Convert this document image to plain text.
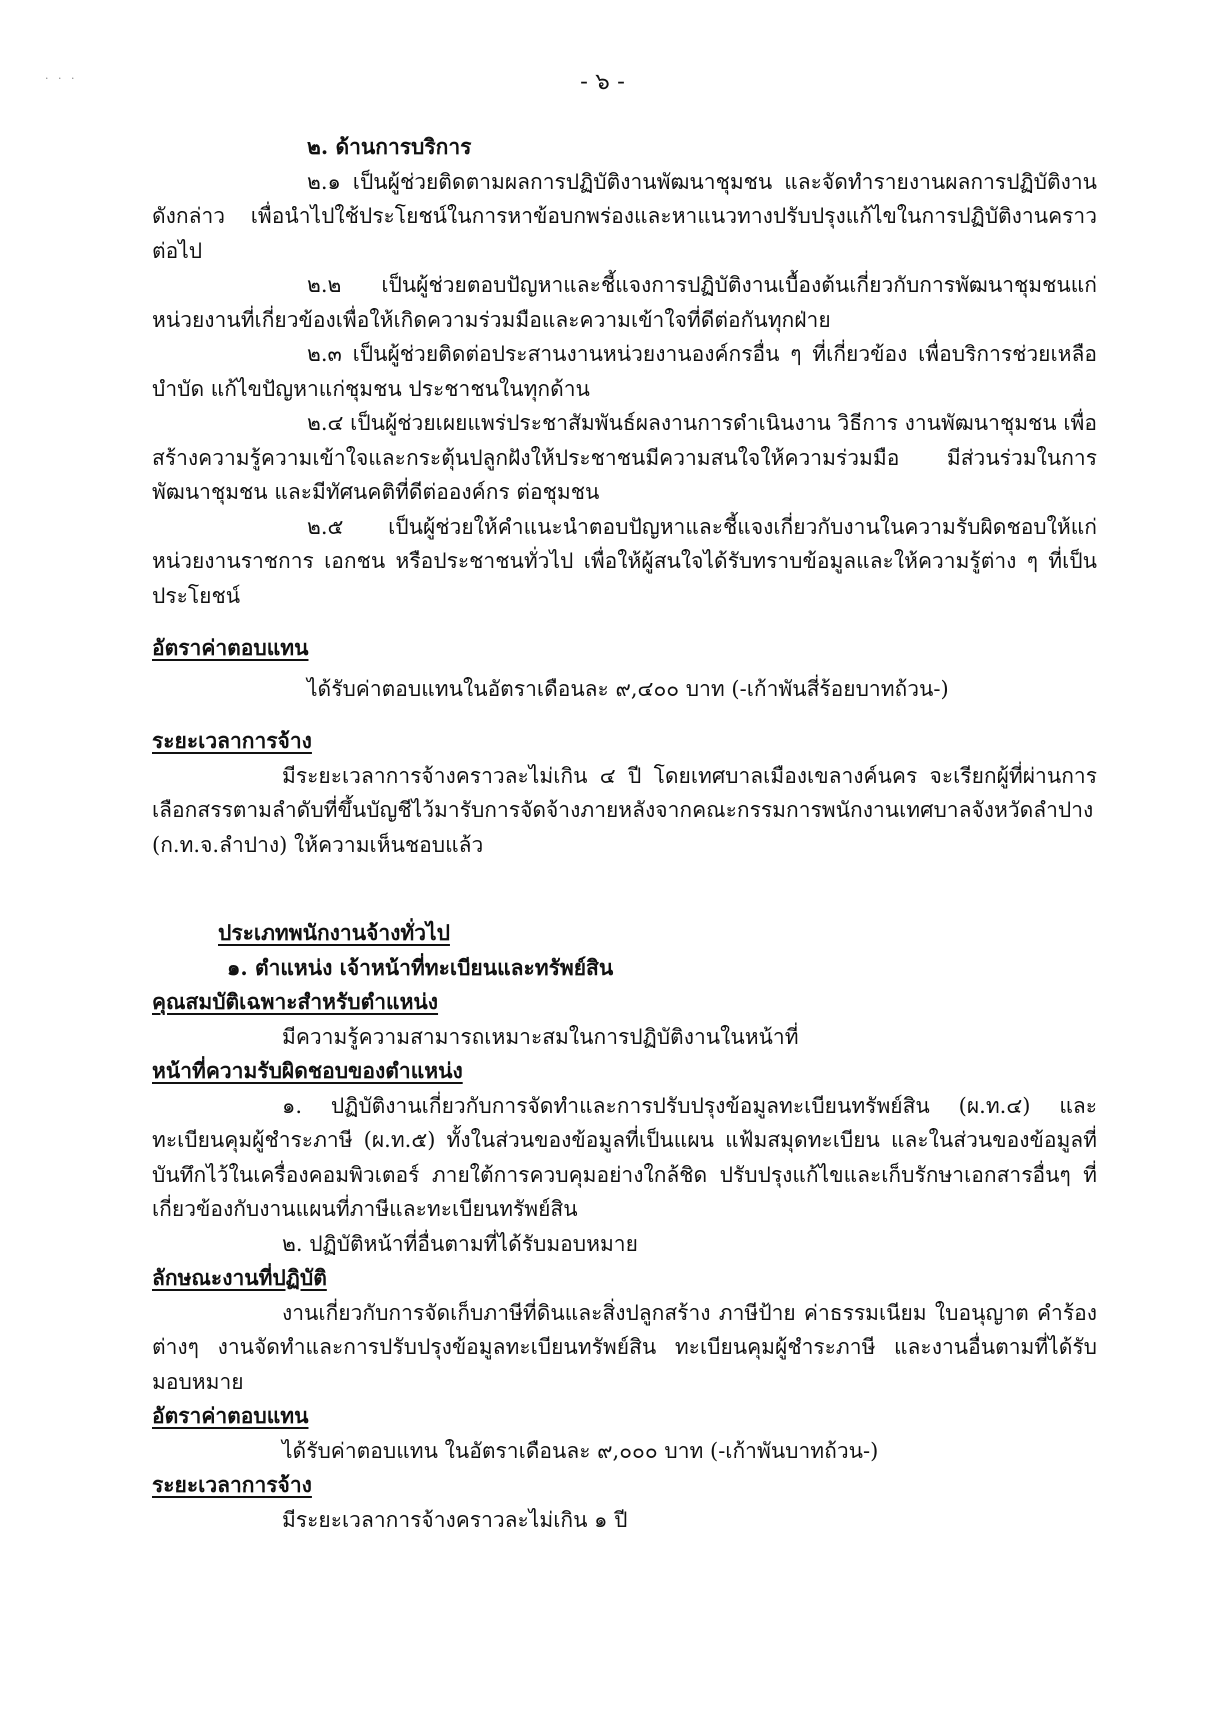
· · ·	- ๖ -

๒. ด้านการบริการ

๒.๑ เป็นผู้ช่วยติดตามผลการปฏิบัติงานพัฒนาชุมชน และจัดทำรายงานผลการปฏิบัติงานดังกล่าว เพื่อนำไปใช้ประโยชน์ในการหาข้อบกพร่องและหาแนวทางปรับปรุงแก้ไขในการปฏิบัติงานคราวต่อไป

๒.๒ เป็นผู้ช่วยตอบปัญหาและชี้แจงการปฏิบัติงานเบื้องต้นเกี่ยวกับการพัฒนาชุมชนแก่หน่วยงานที่เกี่ยวข้องเพื่อให้เกิดความร่วมมือและความเข้าใจที่ดีต่อกันทุกฝ่าย

๒.๓ เป็นผู้ช่วยติดต่อประสานงานหน่วยงานองค์กรอื่น ๆ ที่เกี่ยวข้อง เพื่อบริการช่วยเหลือ บำบัด แก้ไขปัญหาแก่ชุมชน ประชาชนในทุกด้าน

๒.๔ เป็นผู้ช่วยเผยแพร่ประชาสัมพันธ์ผลงานการดำเนินงาน วิธีการ งานพัฒนาชุมชน เพื่อสร้างความรู้ความเข้าใจและกระตุ้นปลูกฝังให้ประชาชนมีความสนใจให้ความร่วมมือ มีส่วนร่วมในการพัฒนาชุมชน และมีทัศนคติที่ดีต่อองค์กร ต่อชุมชน

๒.๕ เป็นผู้ช่วยให้คำแนะนำตอบปัญหาและชี้แจงเกี่ยวกับงานในความรับผิดชอบให้แก่หน่วยงานราชการ เอกชน หรือประชาชนทั่วไป เพื่อให้ผู้สนใจได้รับทราบข้อมูลและให้ความรู้ต่าง ๆ ที่เป็นประโยชน์

อัตราค่าตอบแทน

ได้รับค่าตอบแทนในอัตราเดือนละ ๙,๔๐๐ บาท (-เก้าพันสี่ร้อยบาทถ้วน-)

ระยะเวลาการจ้าง

มีระยะเวลาการจ้างคราวละไม่เกิน ๔ ปี โดยเทศบาลเมืองเขลางค์นคร จะเรียกผู้ที่ผ่านการเลือกสรรตามลำดับที่ขึ้นบัญชีไว้มารับการจัดจ้างภายหลังจากคณะกรรมการพนักงานเทศบาลจังหวัดลำปาง (ก.ท.จ.ลำปาง) ให้ความเห็นชอบแล้ว

ประเภทพนักงานจ้างทั่วไป

๑. ตำแหน่ง เจ้าหน้าที่ทะเบียนและทรัพย์สิน

คุณสมบัติเฉพาะสำหรับตำแหน่ง

มีความรู้ความสามารถเหมาะสมในการปฏิบัติงานในหน้าที่

หน้าที่ความรับผิดชอบของตำแหน่ง

๑. ปฏิบัติงานเกี่ยวกับการจัดทำและการปรับปรุงข้อมูลทะเบียนทรัพย์สิน (ผ.ท.๔) และทะเบียนคุมผู้ชำระภาษี (ผ.ท.๕) ทั้งในส่วนของข้อมูลที่เป็นแผน แฟ้มสมุดทะเบียน และในส่วนของข้อมูลที่บันทึกไว้ในเครื่องคอมพิวเตอร์ ภายใต้การควบคุมอย่างใกล้ชิด ปรับปรุงแก้ไขและเก็บรักษาเอกสารอื่นๆ ที่เกี่ยวข้องกับงานแผนที่ภาษีและทะเบียนทรัพย์สิน

๒. ปฏิบัติหน้าที่อื่นตามที่ได้รับมอบหมาย

ลักษณะงานที่ปฏิบัติ

งานเกี่ยวกับการจัดเก็บภาษีที่ดินและสิ่งปลูกสร้าง ภาษีป้าย ค่าธรรมเนียม ใบอนุญาต คำร้องต่างๆ งานจัดทำและการปรับปรุงข้อมูลทะเบียนทรัพย์สิน ทะเบียนคุมผู้ชำระภาษี และงานอื่นตามที่ได้รับมอบหมาย

อัตราค่าตอบแทน

ได้รับค่าตอบแทน ในอัตราเดือนละ ๙,๐๐๐ บาท (-เก้าพันบาทถ้วน-)

ระยะเวลาการจ้าง

มีระยะเวลาการจ้างคราวละไม่เกิน ๑ ปี
